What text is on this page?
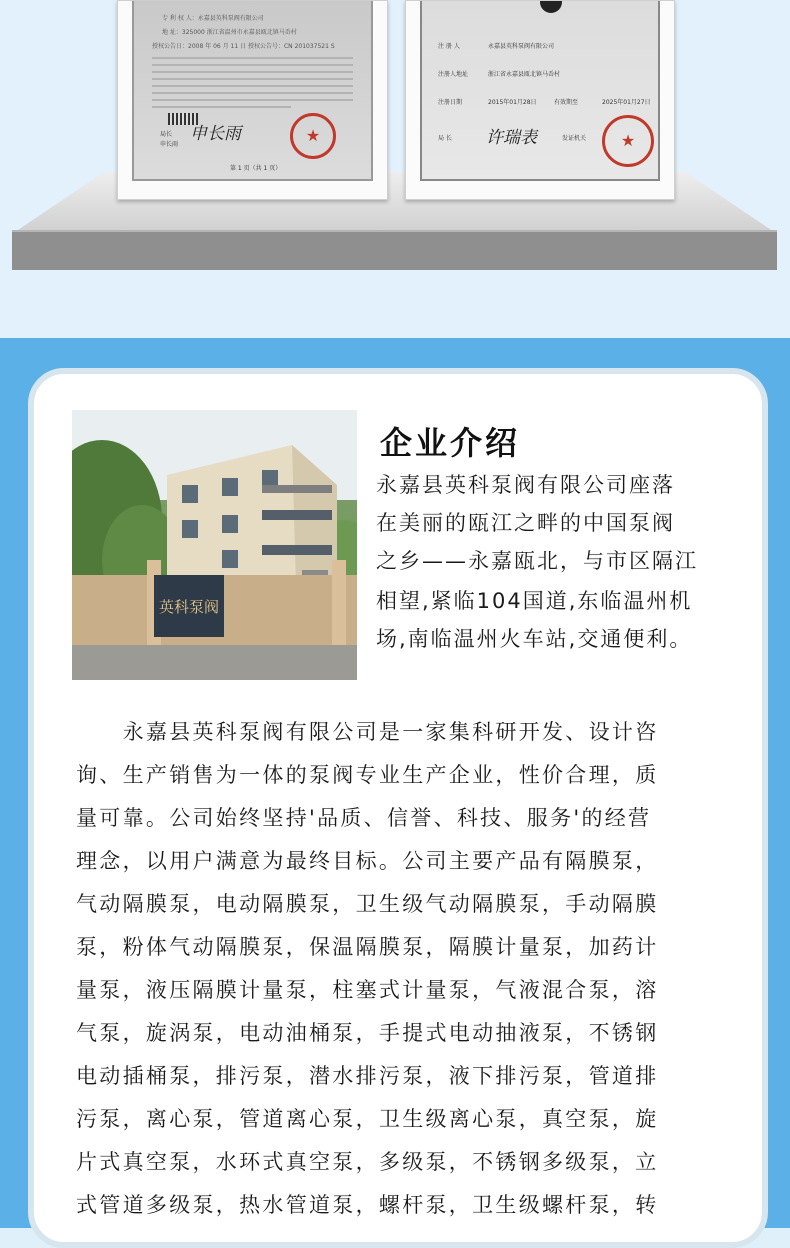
专 利 权 人：永嘉县英科泵阀有限公司
地 址：325000 浙江省温州市永嘉县瓯北镇马岙村
授权公告日：2008 年 06 月 11 日 授权公告号：CN 201037521 S
局长
申长雨
申长雨	★
第 1 页（共 1 页）
注 册 人	永嘉县英科泵阀有限公司
注册人地址	浙江省永嘉县瓯北镇马岙村
注册日期	2015年01月28日	有效期至	2025年01月27日
局 长 许瑞表	发证机关	★
英科泵阀
企业介绍
永嘉县英科泵阀有限公司座落
在美丽的瓯江之畔的中国泵阀
之乡——永嘉瓯北，与市区隔江
相望,紧临104国道,东临温州机
场,南临温州火车站,交通便利。
　　永嘉县英科泵阀有限公司是一家集科研开发、设计咨
询、生产销售为一体的泵阀专业生产企业，性价合理，质
量可靠。公司始终坚持'品质、信誉、科技、服务'的经营
理念，以用户满意为最终目标。公司主要产品有隔膜泵，
气动隔膜泵，电动隔膜泵，卫生级气动隔膜泵，手动隔膜
泵，粉体气动隔膜泵，保温隔膜泵，隔膜计量泵，加药计
量泵，液压隔膜计量泵，柱塞式计量泵，气液混合泵，溶
气泵，旋涡泵，电动油桶泵，手提式电动抽液泵，不锈钢
电动插桶泵，排污泵，潜水排污泵，液下排污泵，管道排
污泵，离心泵，管道离心泵，卫生级离心泵，真空泵，旋
片式真空泵，水环式真空泵，多级泵，不锈钢多级泵，立
式管道多级泵，热水管道泵，螺杆泵，卫生级螺杆泵，转
